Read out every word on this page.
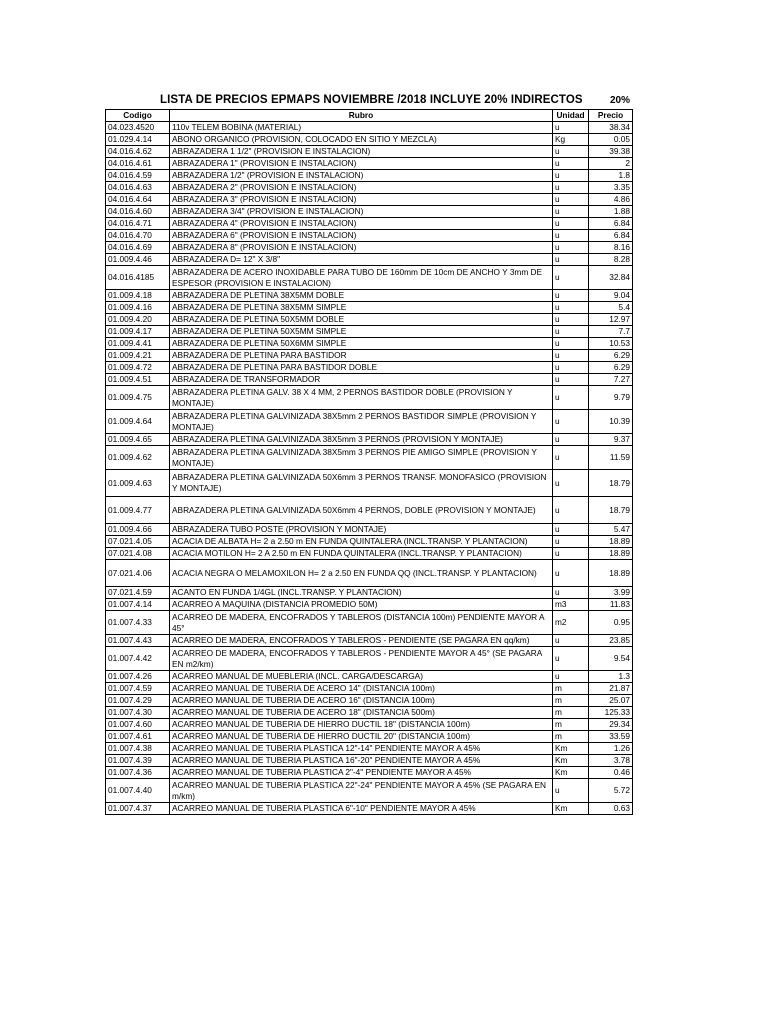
LISTA DE PRECIOS EPMAPS NOVIEMBRE /2018 INCLUYE 20% INDIRECTOS	20%
Codigo	Rubro	Unidad	Precio
04.023.4520	110v TELEM BOBINA (MATERIAL)	u	38.34
01.029.4.14	ABONO ORGANICO (PROVISION, COLOCADO EN SITIO Y MEZCLA)	Kg	0.05
04.016.4.62	ABRAZADERA 1 1/2" (PROVISION E INSTALACION)	u	39.38
04.016.4.61	ABRAZADERA 1" (PROVISION E INSTALACION)	u	2
04.016.4.59	ABRAZADERA 1/2" (PROVISION E INSTALACION)	u	1.8
04.016.4.63	ABRAZADERA 2" (PROVISION E INSTALACION)	u	3.35
04.016.4.64	ABRAZADERA 3" (PROVISION E INSTALACION)	u	4.86
04.016.4.60	ABRAZADERA 3/4" (PROVISION E INSTALACION)	u	1.88
04.016.4.71	ABRAZADERA 4" (PROVISION E INSTALACION)	u	6.84
04.016.4.70	ABRAZADERA 6" (PROVISION E INSTALACION)	u	6.84
04.016.4.69	ABRAZADERA 8" (PROVISION E INSTALACION)	u	8.16
01.009.4.46	ABRAZADERA D= 12" X 3/8"	u	8.28
04.016.4185	ABRAZADERA DE ACERO INOXIDABLE PARA TUBO DE 160mm DE 10cm DE ANCHO Y 3mm DE ESPESOR (PROVISION E INSTALACION)	u	32.84
01.009.4.18	ABRAZADERA DE PLETINA 38X5MM DOBLE	u	9.04
01.009.4.16	ABRAZADERA DE PLETINA 38X5MM SIMPLE	u	5.4
01.009.4.20	ABRAZADERA DE PLETINA 50X5MM DOBLE	u	12.97
01.009.4.17	ABRAZADERA DE PLETINA 50X5MM SIMPLE	u	7.7
01.009.4.41	ABRAZADERA DE PLETINA 50X6MM SIMPLE	u	10.53
01.009.4.21	ABRAZADERA DE PLETINA PARA BASTIDOR	u	6.29
01.009.4.72	ABRAZADERA DE PLETINA PARA BASTIDOR DOBLE	u	6.29
01.009.4.51	ABRAZADERA DE TRANSFORMADOR	u	7.27
01.009.4.75	ABRAZADERA PLETINA GALV. 38 X 4 MM, 2 PERNOS BASTIDOR DOBLE (PROVISION Y MONTAJE)	u	9.79
01.009.4.64	ABRAZADERA PLETINA GALVINIZADA 38X5mm 2 PERNOS BASTIDOR SIMPLE (PROVISION Y MONTAJE)	u	10.39
01.009.4.65	ABRAZADERA PLETINA GALVINIZADA 38X5mm 3 PERNOS (PROVISION Y MONTAJE)	u	9.37
01.009.4.62	ABRAZADERA PLETINA GALVINIZADA 38X5mm 3 PERNOS PIE AMIGO SIMPLE (PROVISION Y MONTAJE)	u	11.59
01.009.4.63	ABRAZADERA PLETINA GALVINIZADA 50X6mm 3 PERNOS TRANSF. MONOFASICO (PROVISION Y MONTAJE)	u	18.79
01.009.4.77	ABRAZADERA PLETINA GALVINIZADA 50X6mm 4 PERNOS, DOBLE (PROVISION Y MONTAJE)	u	18.79
01.009.4.66	ABRAZADERA TUBO POSTE (PROVISION Y MONTAJE)	u	5.47
07.021.4.05	ACACIA DE ALBATA H= 2 a 2.50 m EN FUNDA QUINTALERA (INCL.TRANSP. Y PLANTACION)	u	18.89
07.021.4.08	ACACIA MOTILON H= 2 A 2.50 m EN FUNDA QUINTALERA (INCL.TRANSP. Y PLANTACION)	u	18.89
07.021.4.06	ACACIA NEGRA O MELAMOXILON H= 2 a 2.50 EN FUNDA QQ (INCL.TRANSP. Y PLANTACION)	u	18.89
07.021.4.59	ACANTO EN FUNDA 1/4GL (INCL.TRANSP. Y PLANTACION)	u	3.99
01.007.4.14	ACARREO A MAQUINA (DISTANCIA PROMEDIO 50M)	m3	11.83
01.007.4.33	ACARREO DE MADERA, ENCOFRADOS Y TABLEROS (DISTANCIA 100m) PENDIENTE MAYOR A 45°	m2	0.95
01.007.4.43	ACARREO DE MADERA, ENCOFRADOS Y TABLEROS - PENDIENTE (SE PAGARA EN qq/km)	u	23.85
01.007.4.42	ACARREO DE MADERA, ENCOFRADOS Y TABLEROS - PENDIENTE MAYOR A 45° (SE PAGARA EN m2/km)	u	9.54
01.007.4.26	ACARREO MANUAL DE MUEBLERIA (INCL. CARGA/DESCARGA)	u	1.3
01.007.4.59	ACARREO MANUAL DE TUBERIA DE ACERO 14" (DISTANCIA 100m)	m	21.87
01.007.4.29	ACARREO MANUAL DE TUBERIA DE ACERO 16" (DISTANCIA 100m)	m	25.07
01.007.4.30	ACARREO MANUAL DE TUBERIA DE ACERO 18" (DISTANCIA 500m)	m	125.33
01.007.4.60	ACARREO MANUAL DE TUBERIA DE HIERRO DUCTIL 18" (DISTANCIA 100m)	m	29.34
01.007.4.61	ACARREO MANUAL DE TUBERIA DE HIERRO DUCTIL 20" (DISTANCIA 100m)	m	33.59
01.007.4.38	ACARREO MANUAL DE TUBERIA PLASTICA 12"-14" PENDIENTE MAYOR A 45%	Km	1.26
01.007.4.39	ACARREO MANUAL DE TUBERIA PLASTICA 16"-20" PENDIENTE MAYOR A 45%	Km	3.78
01.007.4.36	ACARREO MANUAL DE TUBERIA PLASTICA 2"-4" PENDIENTE MAYOR A 45%	Km	0.46
01.007.4.40	ACARREO MANUAL DE TUBERIA PLASTICA 22"-24" PENDIENTE MAYOR A 45% (SE PAGARA EN m/km)	u	5.72
01.007.4.37	ACARREO MANUAL DE TUBERIA PLASTICA 6"-10" PENDIENTE MAYOR A 45%	Km	0.63
